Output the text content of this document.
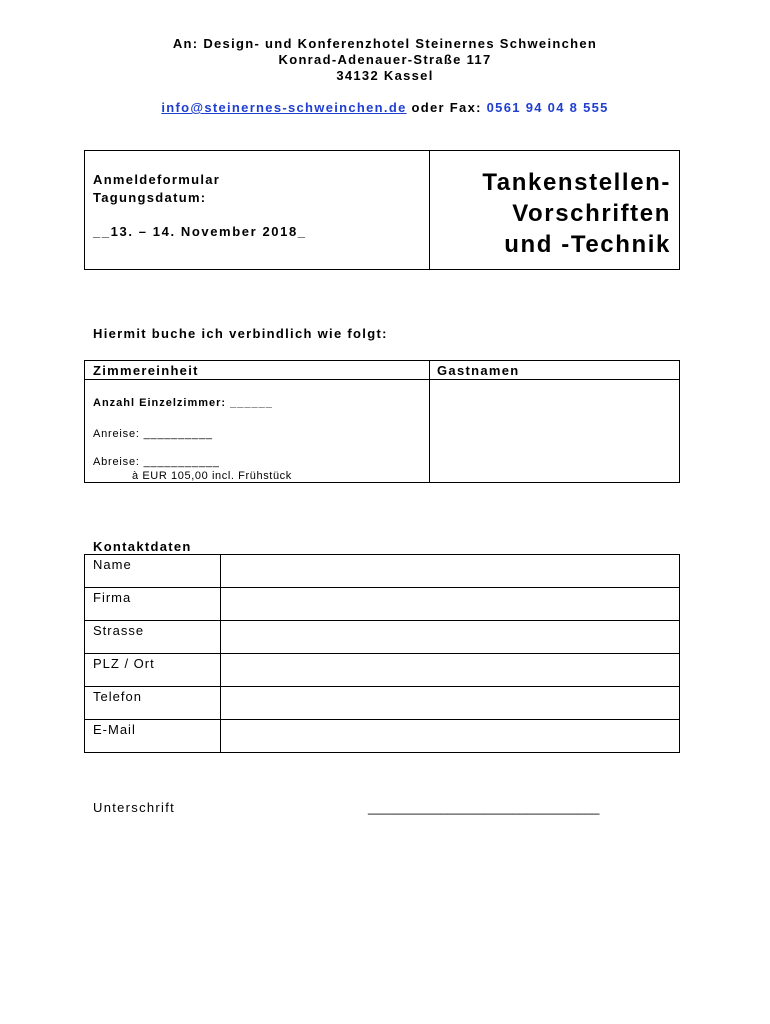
An: Design- und Konferenzhotel Steinernes Schweinchen
Konrad-Adenauer-Straße 117
34132 Kassel
info@steinernes-schweinchen.de oder Fax: 0561 94 04 8 555
Anmeldeformular
Tagungsdatum:
__13. – 14. November 2018_
Tankenstellen-
Vorschriften
und -Technik
Hiermit buche ich verbindlich wie folgt:
Zimmereinheit	Gastnamen
Anzahl Einzelzimmer: ______
Anreise: __________
Abreise: ___________
à EUR 105,00 incl. Frühstück
Kontaktdaten
Name	
Firma	
Strasse	
PLZ / Ort	
Telefon	
E-Mail	
Unterschrift	________________________________
